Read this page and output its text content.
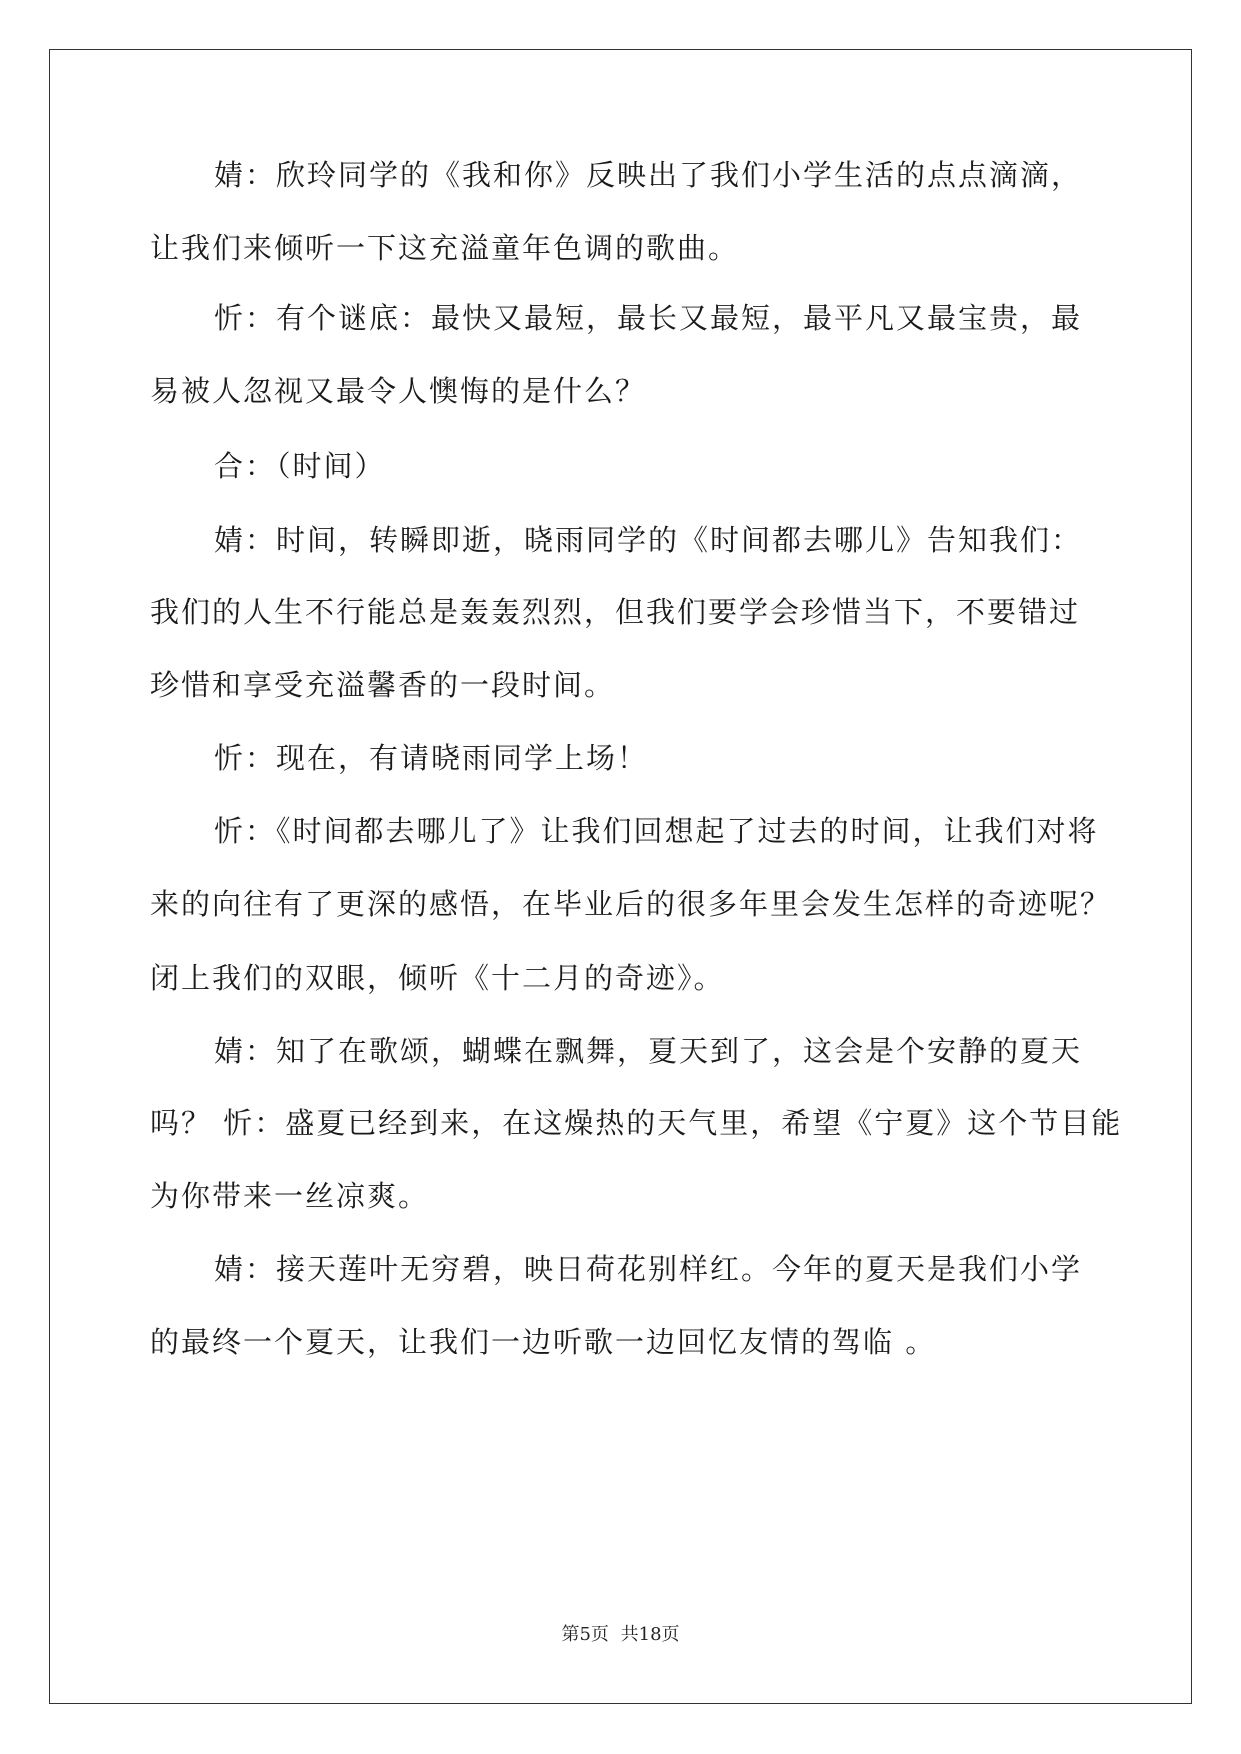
婧：欣玲同学的《我和你》反映出了我们小学生活的点点滴滴，
让我们来倾听一下这充溢童年色调的歌曲。
忻：有个谜底：最快又最短，最长又最短，最平凡又最宝贵，最
易被人忽视又最令人懊悔的是什么？
合：（时间）
婧：时间，转瞬即逝，晓雨同学的《时间都去哪儿》告知我们：
我们的人生不行能总是轰轰烈烈，但我们要学会珍惜当下，不要错过
珍惜和享受充溢馨香的一段时间。
忻：现在，有请晓雨同学上场！
忻：《时间都去哪儿了》让我们回想起了过去的时间，让我们对将
来的向往有了更深的感悟，在毕业后的很多年里会发生怎样的奇迹呢？
闭上我们的双眼，倾听《十二月的奇迹》。
婧：知了在歌颂，蝴蝶在飘舞，夏天到了，这会是个安静的夏天
吗？ 忻：盛夏已经到来，在这燥热的天气里，希望《宁夏》这个节目能
为你带来一丝凉爽。
婧：接天莲叶无穷碧，映日荷花别样红。今年的夏天是我们小学
的最终一个夏天，让我们一边听歌一边回忆友情的驾临 。
第5页 共18页
